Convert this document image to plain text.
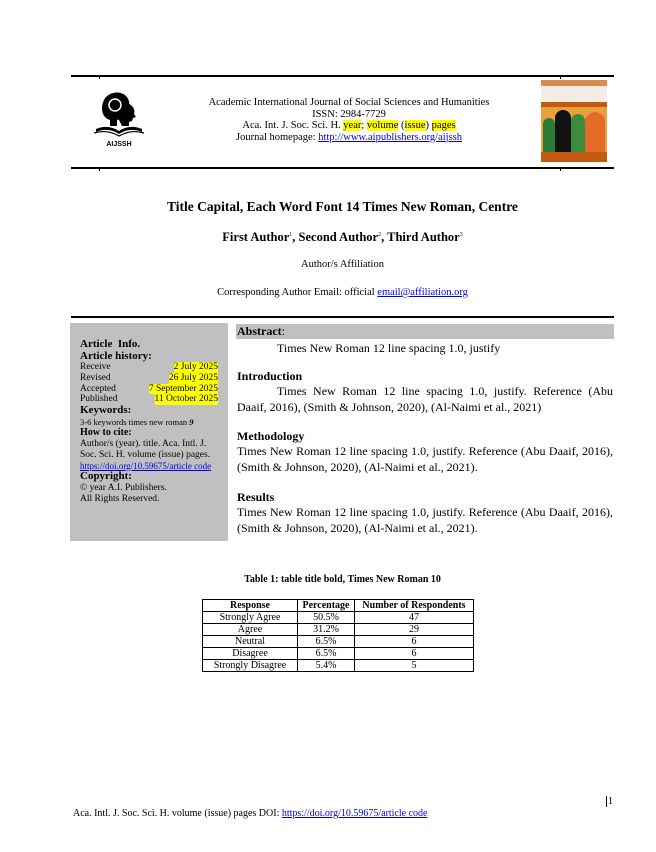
AIJSSH
Academic International Journal of Social Sciences and Humanities
ISSN: 2984-7729
Aca. Int. J. Soc. Sci. H. year; volume (issue) pages
Journal homepage: http://www.aipublishers.org/aijssh
Title Capital, Each Word Font 14 Times New Roman, Centre
First Author$^1$, Second Author$^2$, Third Author$^3$
Author/s Affiliation
Corresponding Author Email: official email@affiliation.org
Article  Info.
Article history:
Receive	2 July 2025
Revised	26 July 2025
Accepted	7 September 2025
Published	11 October 2025
Keywords:
3-6 keywords times new roman 9
How to cite:
Author/s (year). title. Aca. Intl. J. Soc. Sci. H. volume (issue) pages.
https://doi.org/10.59675/article code
Copyright:
© year A.I. Publishers.
All Rights Reserved.
Abstract:
Times New Roman 12 line spacing 1.0, justify
Introduction
Times New Roman 12 line spacing 1.0, justify. Reference (Abu Daaif, 2016), (Smith & Johnson, 2020), (Al-Naimi et al., 2021)
Methodology
Times New Roman 12 line spacing 1.0, justify. Reference (Abu Daaif, 2016), (Smith & Johnson, 2020), (Al-Naimi et al., 2021).
Results
Times New Roman 12 line spacing 1.0, justify. Reference (Abu Daaif, 2016), (Smith & Johnson, 2020), (Al-Naimi et al., 2021).
Table 1: table title bold, Times New Roman 10
Response	Percentage	Number of Respondents
Strongly Agree	50.5%	47
Agree	31.2%	29
Neutral	6.5%	6
Disagree	6.5%	6
Strongly Disagree	5.4%	5
1
Aca. Intl. J. Soc. Sci. H. volume (issue) pages DOI: https://doi.org/10.59675/article code
